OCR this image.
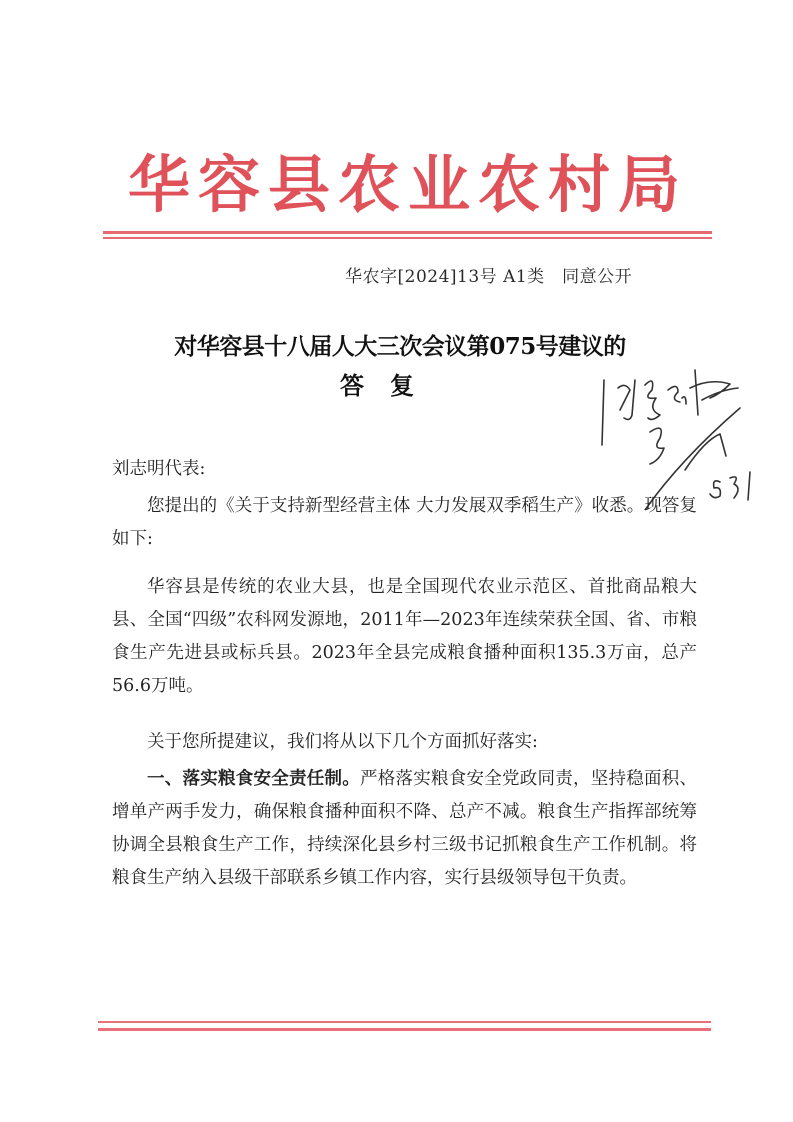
华容县农业农村局
华农字[2024]13号 A1类　同意公开
对华容县十八届人大三次会议第075号建议的
答复

刘志明代表:

您提出的《关于支持新型经营主体 大力发展双季稻生产》收悉。现答复如下:

华容县是传统的农业大县，也是全国现代农业示范区、首批商品粮大县、全国“四级”农科网发源地，2011年—2023年连续荣获全国、省、市粮食生产先进县或标兵县。2023年全县完成粮食播种面积135.3万亩，总产56.6万吨。

关于您所提建议，我们将从以下几个方面抓好落实:

一、落实粮食安全责任制。严格落实粮食安全党政同责，坚持稳面积、增单产两手发力，确保粮食播种面积不降、总产不减。粮食生产指挥部统筹协调全县粮食生产工作，持续深化县乡村三级书记抓粮食生产工作机制。将粮食生产纳入县级干部联系乡镇工作内容，实行县级领导包干负责。
